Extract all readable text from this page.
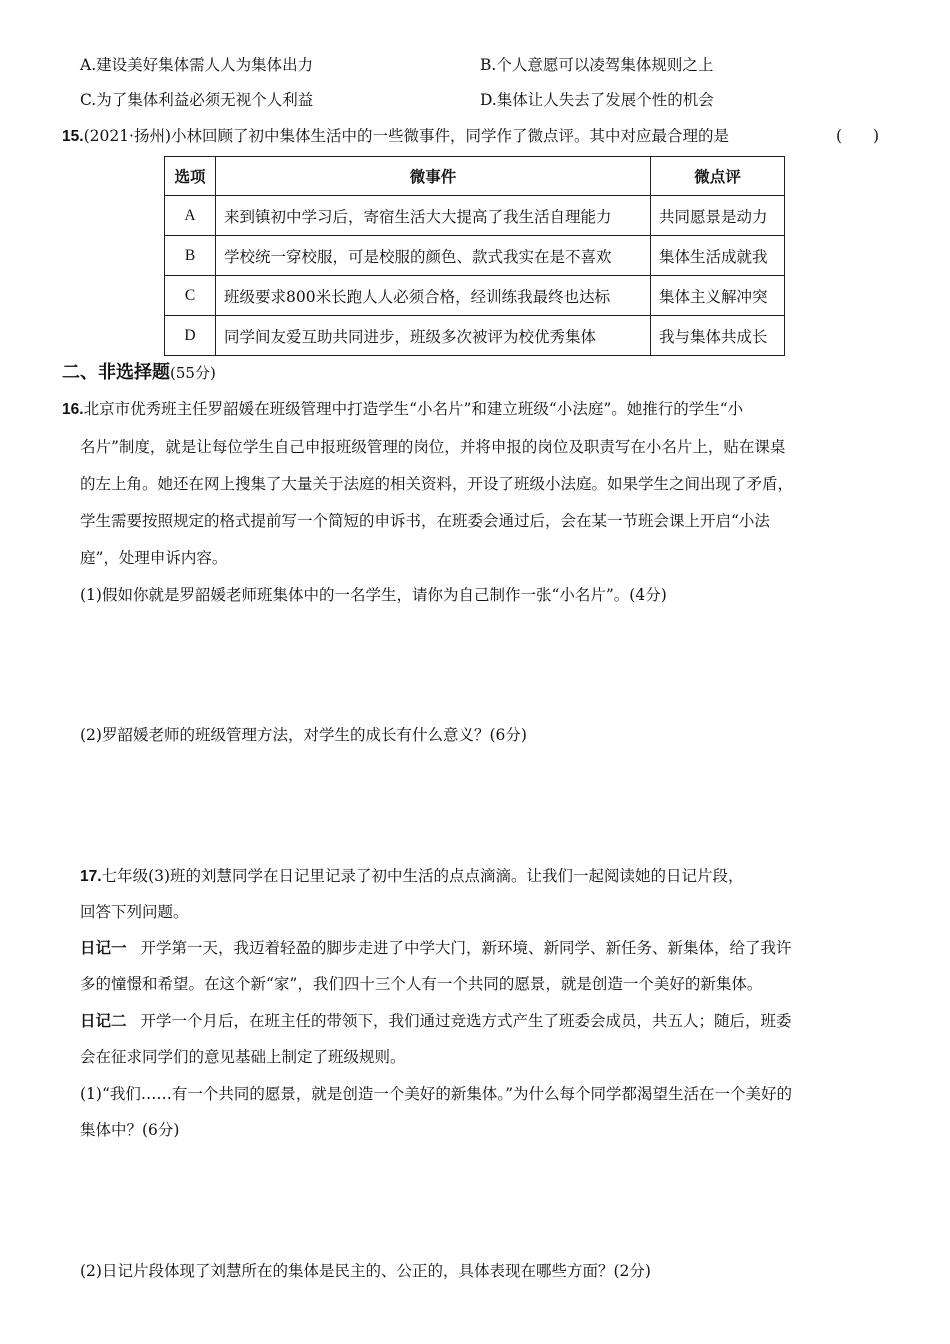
A.建设美好集体需人人为集体出力	B.个人意愿可以凌驾集体规则之上
C.为了集体利益必须无视个人利益	D.集体让人失去了发展个性的机会
15.(2021·扬州)小林回顾了初中集体生活中的一些微事件，同学作了微点评。其中对应最合理的是	(　　)
选项	微事件	微点评
A	来到镇初中学习后，寄宿生活大大提高了我生活自理能力	共同愿景是动力
B	学校统一穿校服，可是校服的颜色、款式我实在是不喜欢	集体生活成就我
C	班级要求800米长跑人人必须合格，经训练我最终也达标	集体主义解冲突
D	同学间友爱互助共同进步，班级多次被评为校优秀集体	我与集体共成长
二、非选择题(55分)
16.北京市优秀班主任罗韶媛在班级管理中打造学生“小名片”和建立班级“小法庭”。她推行的学生“小
名片”制度，就是让每位学生自己申报班级管理的岗位，并将申报的岗位及职责写在小名片上，贴在课桌
的左上角。她还在网上搜集了大量关于法庭的相关资料，开设了班级小法庭。如果学生之间出现了矛盾，
学生需要按照规定的格式提前写一个简短的申诉书，在班委会通过后，会在某一节班会课上开启“小法
庭”，处理申诉内容。
(1)假如你就是罗韶媛老师班集体中的一名学生，请你为自己制作一张“小名片”。(4分)
(2)罗韶媛老师的班级管理方法，对学生的成长有什么意义？(6分)
17.七年级(3)班的刘慧同学在日记里记录了初中生活的点点滴滴。让我们一起阅读她的日记片段，
回答下列问题。
日记一 开学第一天，我迈着轻盈的脚步走进了中学大门，新环境、新同学、新任务、新集体，给了我许
多的憧憬和希望。在这个新“家”，我们四十三个人有一个共同的愿景，就是创造一个美好的新集体。
日记二 开学一个月后，在班主任的带领下，我们通过竞选方式产生了班委会成员，共五人；随后，班委
会在征求同学们的意见基础上制定了班级规则。
(1)“我们……有一个共同的愿景，就是创造一个美好的新集体。”为什么每个同学都渴望生活在一个美好的
集体中？(6分)
(2)日记片段体现了刘慧所在的集体是民主的、公正的，具体表现在哪些方面？(2分)
